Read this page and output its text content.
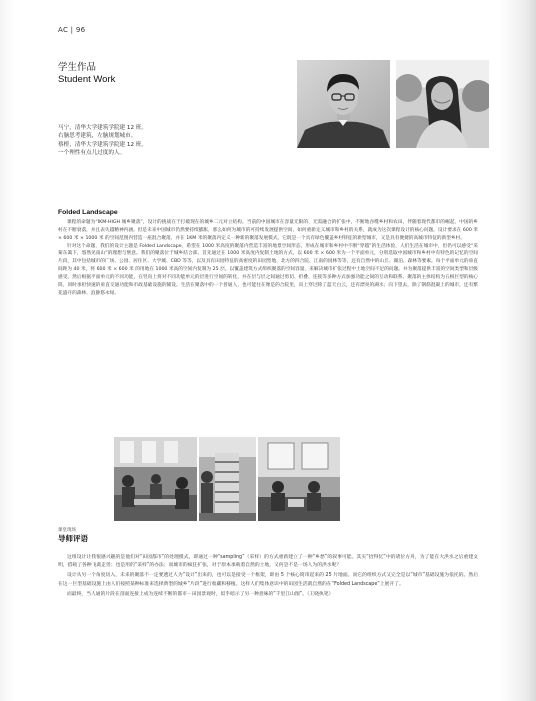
AC | 96
学生作品
Student Work
马宁，清华大学建筑学院建 12 班。
右脑思考建筑，左脑规划城市。
蔡橙，清华大学建筑学院建 12 班。
一个理性有点儿过度的人。
Folded Landscape

课程的命题为“IKM-HIGH 城乡聚落”，设计的挑战在于打破现在的城乡二元对立结构。当前的中国城市在容量无限的、无需融合的扩张中，不断地吞噬乡村和农田，伴随着现代都市的崛起，中国的乡村在不断衰落，并且表失越精神内涵。但是未来中国城市仍然要持续膨胀，那么如何为城市的可持续发展提供空间，如何重新定义城市和乡村的关系，就成为这次课程设计的核心问题。设计要求在 600 米 × 600 米 × 1000 米 的空间范围内营造一座混合聚落，并在 1KM 米的聚落内定义一种新的聚落发展模式，它既是一个具有绿色覆盖乡村特征的新型城市，又是具有便捷的高城市特征的新型乡村。

针对这个命题，我们的设计主题是 Folded Landscape，希望在 1000 米高度的聚落内营造丰富的地景空间形态，形成在城市和乡村中不断“穿越”的生活体验，人们生活在城市中，但仍可以感受“采菊东篱下，悠然见南山”的理想与惬意。我们的聚落位于城乡结合部，首先通过在 1000 米高度内复制土地的方式，以 600 米 × 600 米为一个平面单元，分别选取中国城市和乡村中有特色的记忆的空间片段，其中包括城市的广场、公园、居住区、大学城、CBD 等等，以及具有田园特征的高密度的田园型地、北方的四合院、江南的园林等等，还有自然中的山丘、湖泊、森林等要素。每个平面单元的垂直间距为 40 米，将 600 米 × 600 米 的用地在 1000 米高的空间内复制为 25 层。以覆盖建筑方式组织聚落的空间容量，来解决城市扩张过程中土地空间不足的问题。并为聚落提供丰富的空间类型和层级感受。然后根据平面单元的不同功能，在竖向上将对不同功能单元的层进行空间的转化，并在层与层之间通过剪切、折叠、连接等多种方式加强功能之间的互动和联系。聚落的主体结构为五根巨型的核心筒，同时承担快速的垂直交通功能和市政基础设施的铺设。生活在聚落中的一个普通人，也可能往在像是的合院里，向上穿过除了蓝天白云，还有漂亮的湖水；向下望去，除了钢筋混凝土的城市，还有繁花盛开的森林、浪静悠永绿。

课堂现场
导师评语

这组设计让我很感兴趣的是他们对“田园都市”的处理模式，即通过一种“sampling”（采样）的方式重新建立了一种“乡愁”的叙事可能。其实“拾得忆”中的诸位方舟，为了能在大洪水之后重建文明，搭载了各种飞禽走兽；也是用的“采样”的办法；而城市的疯狂扩张，对于原本承载着自然的土地，又何尝不是一场人为的洪水呢？

设计从另一个角度切入，未来的聚落不一定要透过人为“设计”出来的，也可以是接受一个框架，即由 5 个核心筒串起来的 25 片地面。而它的组织方式又完全是以“城市”基础设施为依托的。然后在这一巨型基础设施上由人们按照某种标准来选择典型的城乡“片段”进行收藏和移植。这样人们集体意识中的田园生活就自然的在“Folded Landscape”上展开了。

而最终，当人通的片段在剖面连接上成为连续不断的都市－田园景观时，似乎暗示了另一种意味的“千里江山图”。（王晓执笔）
